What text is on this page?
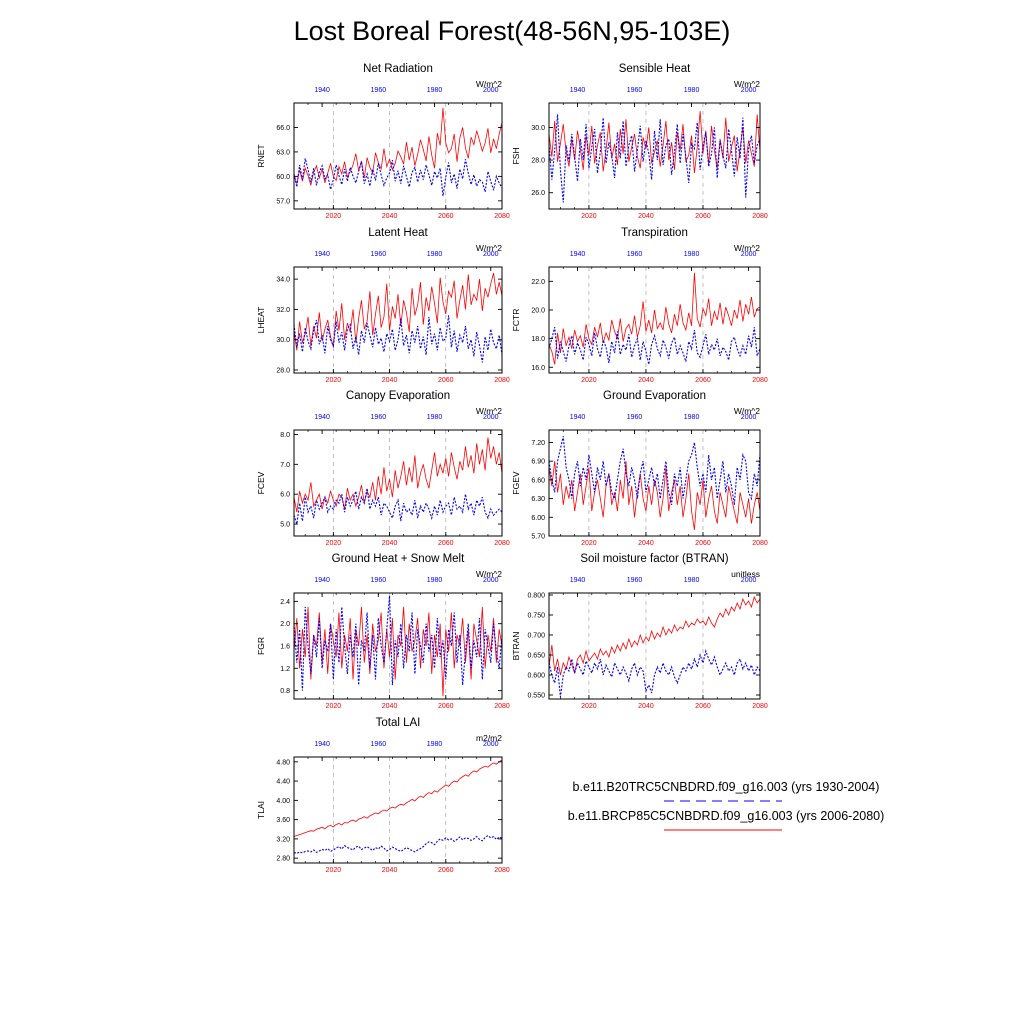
Lost Boreal Forest(48-56N,95-103E)
Net Radiation
W/m^2
RNET
2020	2040	2060	2080
1940	1960	1980	2000
57.0
60.0
63.0
66.0
Sensible Heat
W/m^2
FSH
2020	2040	2060	2080
1940	1960	1980	2000
26.0
28.0
30.0
Latent Heat
W/m^2
LHEAT
2020	2040	2060	2080
1940	1960	1980	2000
28.0
30.0
32.0
34.0
Transpiration
W/m^2
FCTR
2020	2040	2060	2080
1940	1960	1980	2000
16.0
18.0
20.0
22.0
Canopy Evaporation
W/m^2
FCEV
2020	2040	2060	2080
1940	1960	1980	2000
5.0
6.0
7.0
8.0
Ground Evaporation
W/m^2
FGEV
2020	2040	2060	2080
1940	1960	1980	2000
5.70
6.00
6.30
6.60
6.90
7.20
Ground Heat + Snow Melt
W/m^2
FGR
2020	2040	2060	2080
1940	1960	1980	2000
0.8
1.2
1.6
2.0
2.4
Soil moisture factor (BTRAN)
unitless
BTRAN
2020	2040	2060	2080
1940	1960	1980	2000
0.550
0.600
0.650
0.700
0.750
0.800
Total LAI
m2/m2
TLAI
2020	2040	2060	2080
1940	1960	1980	2000
2.80
3.20
3.60
4.00
4.40
4.80
b.e11.B20TRC5CNBDRD.f09_g16.003 (yrs 1930-2004)
b.e11.BRCP85C5CNBDRD.f09_g16.003 (yrs 2006-2080)
